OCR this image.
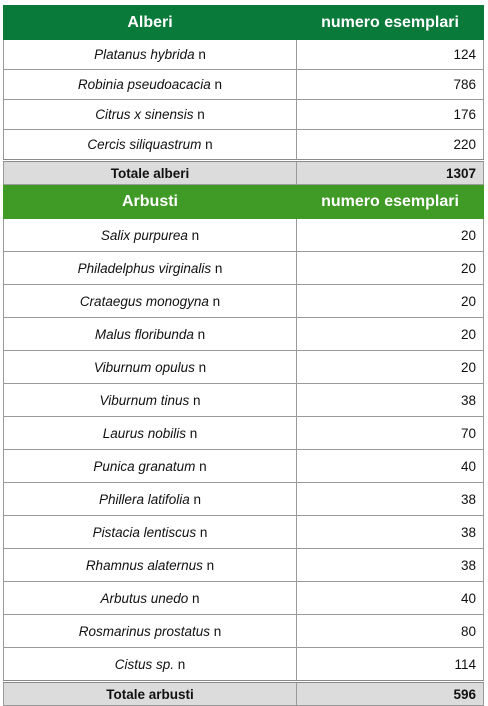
Alberi	numero esemplari
Platanus hybrida n	124
Robinia pseudoacacia n	786
Citrus x sinensis n	176
Cercis siliquastrum n	220
Totale alberi	1307
Arbusti	numero esemplari
Salix purpurea n	20
Philadelphus virginalis n	20
Crataegus monogyna n	20
Malus floribunda n	20
Viburnum opulus n	20
Viburnum tinus n	38
Laurus nobilis n	70
Punica granatum n	40
Phillera latifolia n	38
Pistacia lentiscus n	38
Rhamnus alaternus n	38
Arbutus unedo n	40
Rosmarinus prostatus n	80
Cistus sp. n	114
Totale arbusti	596
